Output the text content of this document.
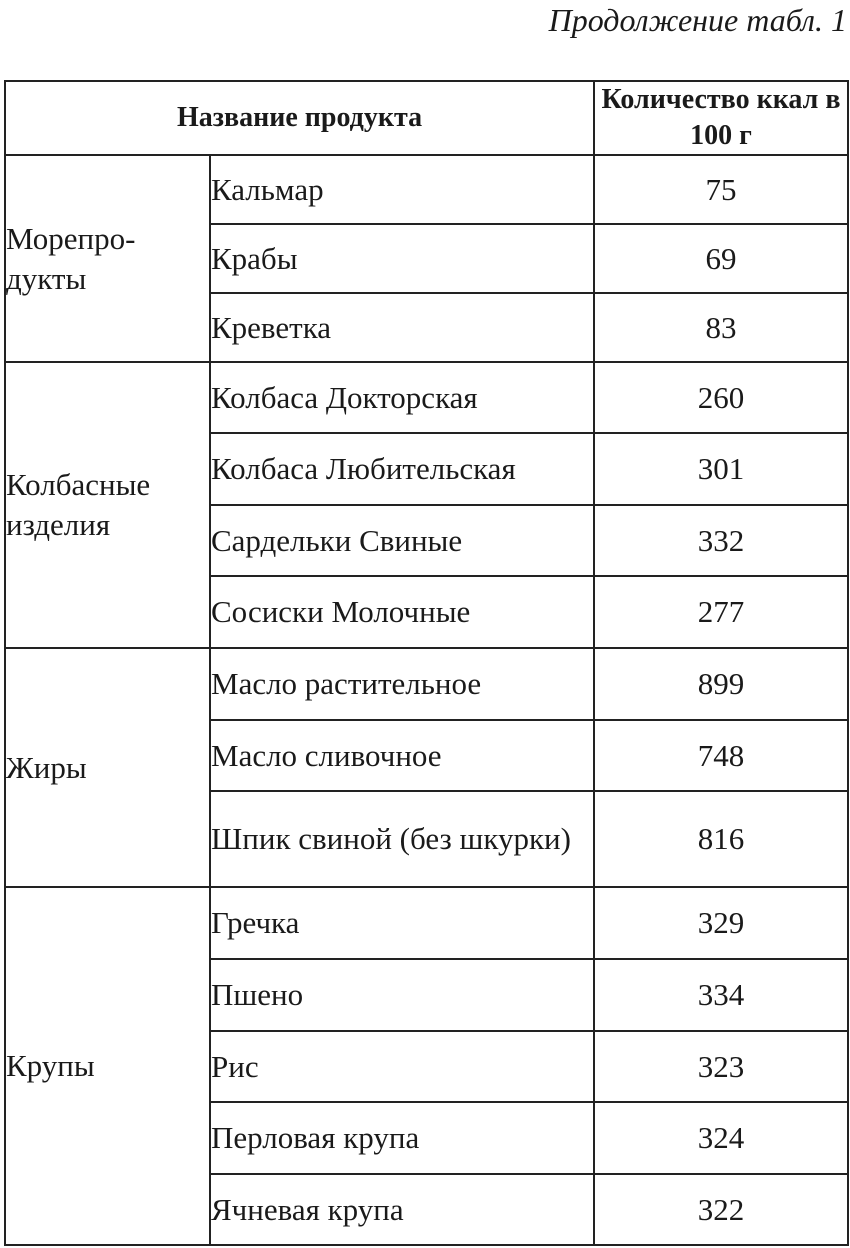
Продолжение табл. 1
Название продукта		Количество ккал в 100 г
Морепро-дукты	Кальмар	75
	Крабы	69
	Креветка	83
Колбасные изделия	Колбаса Докторская	260
	Колбаса Любительская	301
	Сардельки Свиные	332
	Сосиски Молочные	277
Жиры	Масло растительное	899
	Масло сливочное	748
	Шпик свиной (без шкурки)	816
Крупы	Гречка	329
	Пшено	334
	Рис	323
	Перловая крупа	324
	Ячневая крупа	322
